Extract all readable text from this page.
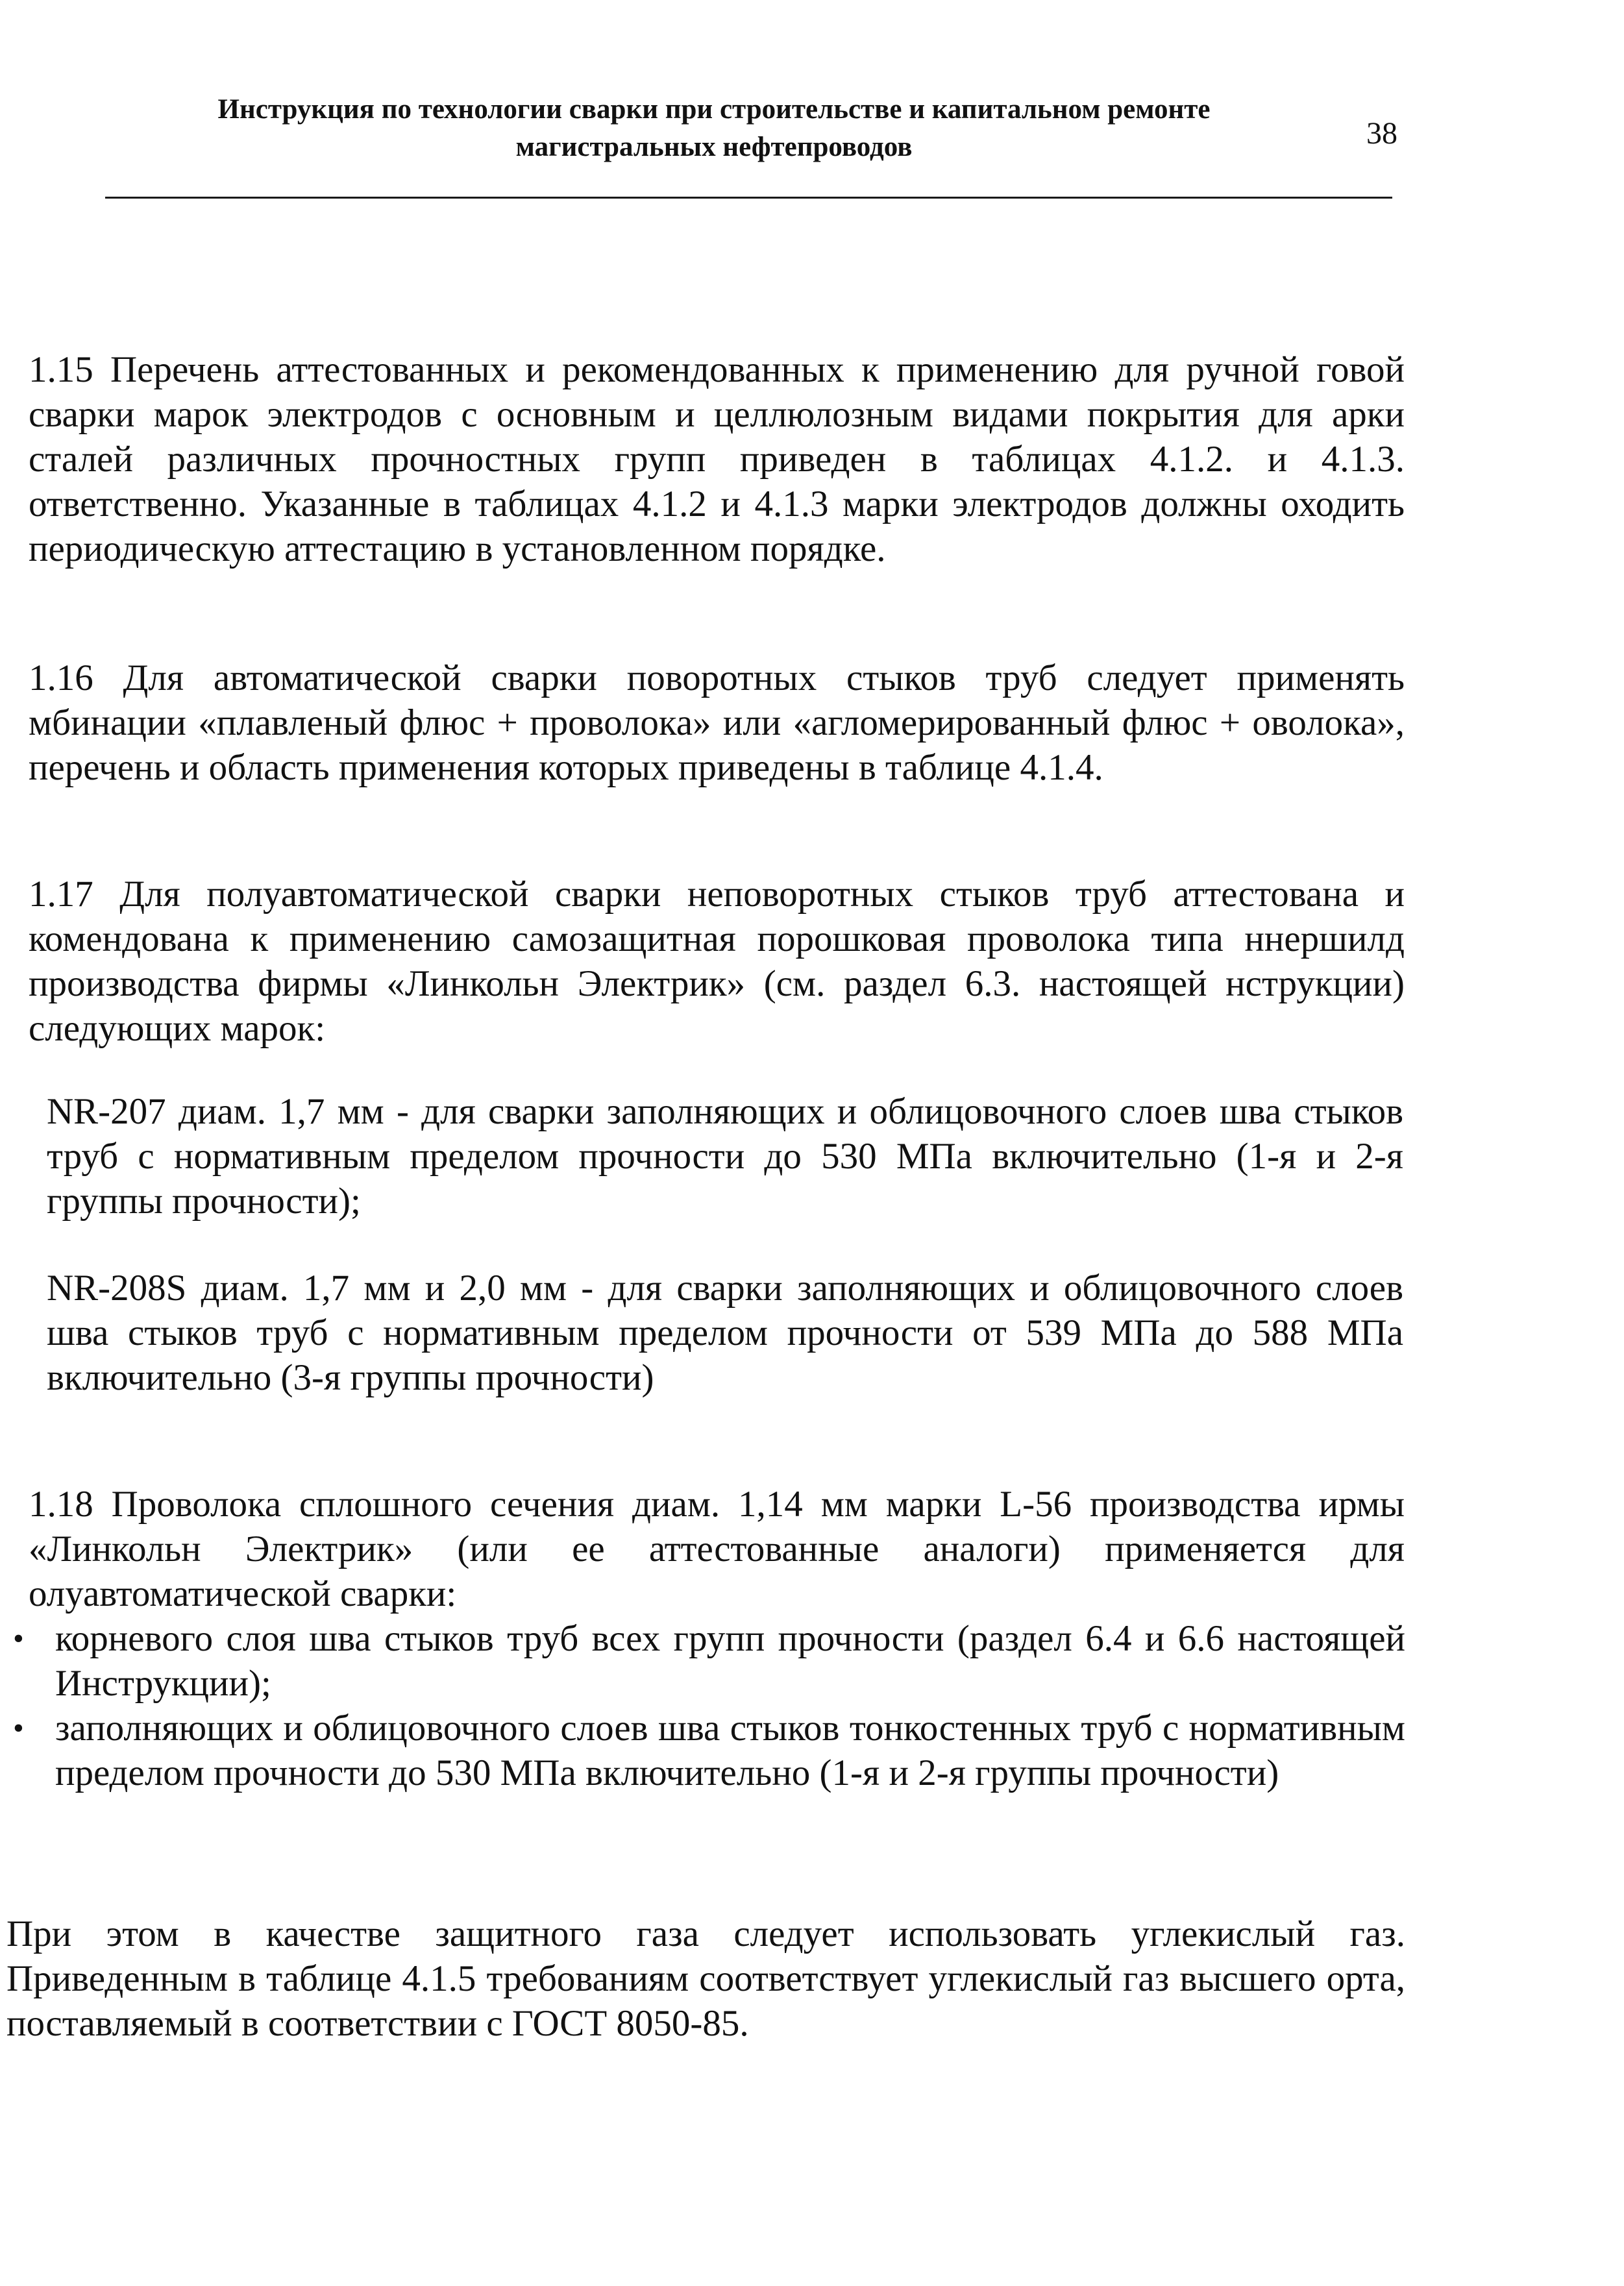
Инструкция по технологии сварки при строительстве и капитальном ремонте
магистральных нефтепроводов	38
1.15 Перечень аттестованных и рекомендованных к применению для ручной говой сварки марок электродов с основным и целлюлозным видами покрытия для арки сталей различных прочностных групп приведен в таблицах 4.1.2. и 4.1.3. ответственно. Указанные в таблицах 4.1.2 и 4.1.3 марки электродов должны оходить периодическую аттестацию в установленном порядке.
1.16 Для автоматической сварки поворотных стыков труб следует применять мбинации «плавленый флюс + проволока» или «агломерированный флюс + оволока», перечень и область применения которых приведены в таблице 4.1.4.
1.17 Для полуавтоматической сварки неповоротных стыков труб аттестована и комендована к применению самозащитная порошковая проволока типа ннершилд производства фирмы «Линкольн Электрик» (см. раздел 6.3. настоящей нструкции) следующих марок:
NR-207 диам. 1,7 мм - для сварки заполняющих и облицовочного слоев шва стыков труб с нормативным пределом прочности до 530 МПа включительно (1-я и 2-я группы прочности);
NR-208S диам. 1,7 мм и 2,0 мм - для сварки заполняющих и облицовочного слоев шва стыков труб с нормативным пределом прочности от 539 МПа до 588 МПа включительно (3-я группы прочности)
1.18 Проволока сплошного сечения диам. 1,14 мм марки L-56 производства ирмы «Линкольн Электрик» (или ее аттестованные аналоги) применяется для олуавтоматической сварки:
• корневого слоя шва стыков труб всех групп прочности (раздел 6.4 и 6.6 настоящей Инструкции);
• заполняющих и облицовочного слоев шва стыков тонкостенных труб с нормативным пределом прочности до 530 МПа включительно (1-я и 2-я группы прочности)
При этом в качестве защитного газа следует использовать углекислый газ. Приведенным в таблице 4.1.5 требованиям соответствует углекислый газ высшего орта, поставляемый в соответствии с ГОСТ 8050-85.
